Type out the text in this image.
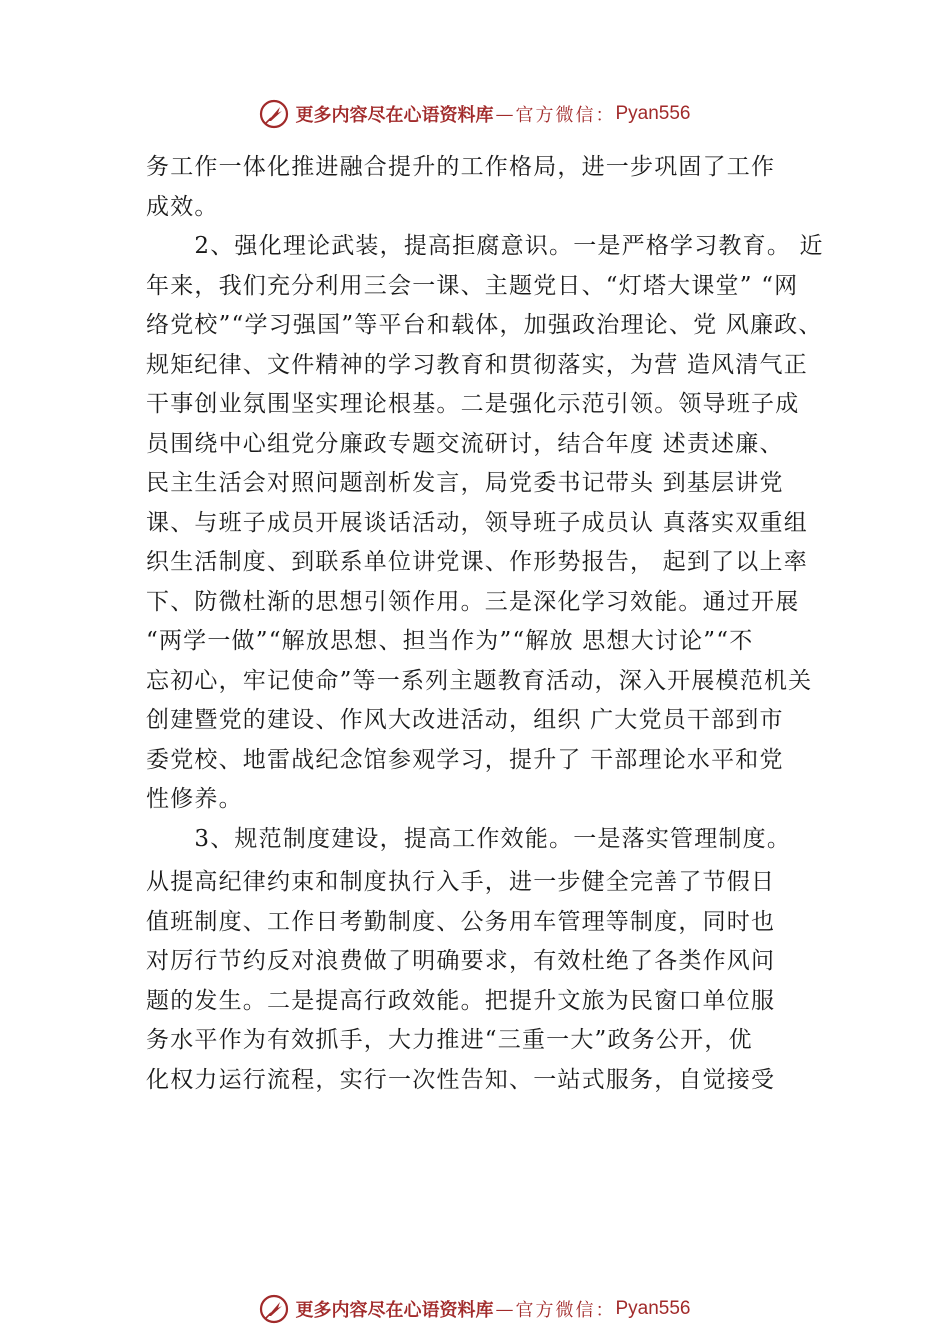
更多内容尽在心语资料库 — 官方微信： Pyan556

务工作一体化推进融合提升的工作格局，进一步巩固了工作

成效。

　　2、强化理论武装，提高拒腐意识。一是严格学习教育。 近

年来，我们充分利用三会一课、主题党日、“灯塔大课堂” “网

络党校”“学习强国”等平台和载体，加强政治理论、党 风廉政、

规矩纪律、文件精神的学习教育和贯彻落实，为营 造风清气正

干事创业氛围坚实理论根基。二是强化示范引领。领导班子成

员围绕中心组党分廉政专题交流研讨，结合年度 述责述廉、

民主生活会对照问题剖析发言，局党委书记带头 到基层讲党

课、与班子成员开展谈话活动，领导班子成员认 真落实双重组

织生活制度、到联系单位讲党课、作形势报告， 起到了以上率

下、防微杜渐的思想引领作用。三是深化学习效能。通过开展

“两学一做”“解放思想、担当作为”“解放 思想大讨论”“不

忘初心，牢记使命”等一系列主题教育活动，深入开展模范机关

创建暨党的建设、作风大改进活动，组织 广大党员干部到市

委党校、地雷战纪念馆参观学习，提升了 干部理论水平和党

性修养。

　　3、规范制度建设，提高工作效能。一是落实管理制度。

从提高纪律约束和制度执行入手，进一步健全完善了节假日

值班制度、工作日考勤制度、公务用车管理等制度，同时也

对厉行节约反对浪费做了明确要求，有效杜绝了各类作风问

题的发生。二是提高行政效能。把提升文旅为民窗口单位服

务水平作为有效抓手，大力推进“三重一大”政务公开，优

化权力运行流程，实行一次性告知、一站式服务，自觉接受

更多内容尽在心语资料库 — 官方微信： Pyan556
